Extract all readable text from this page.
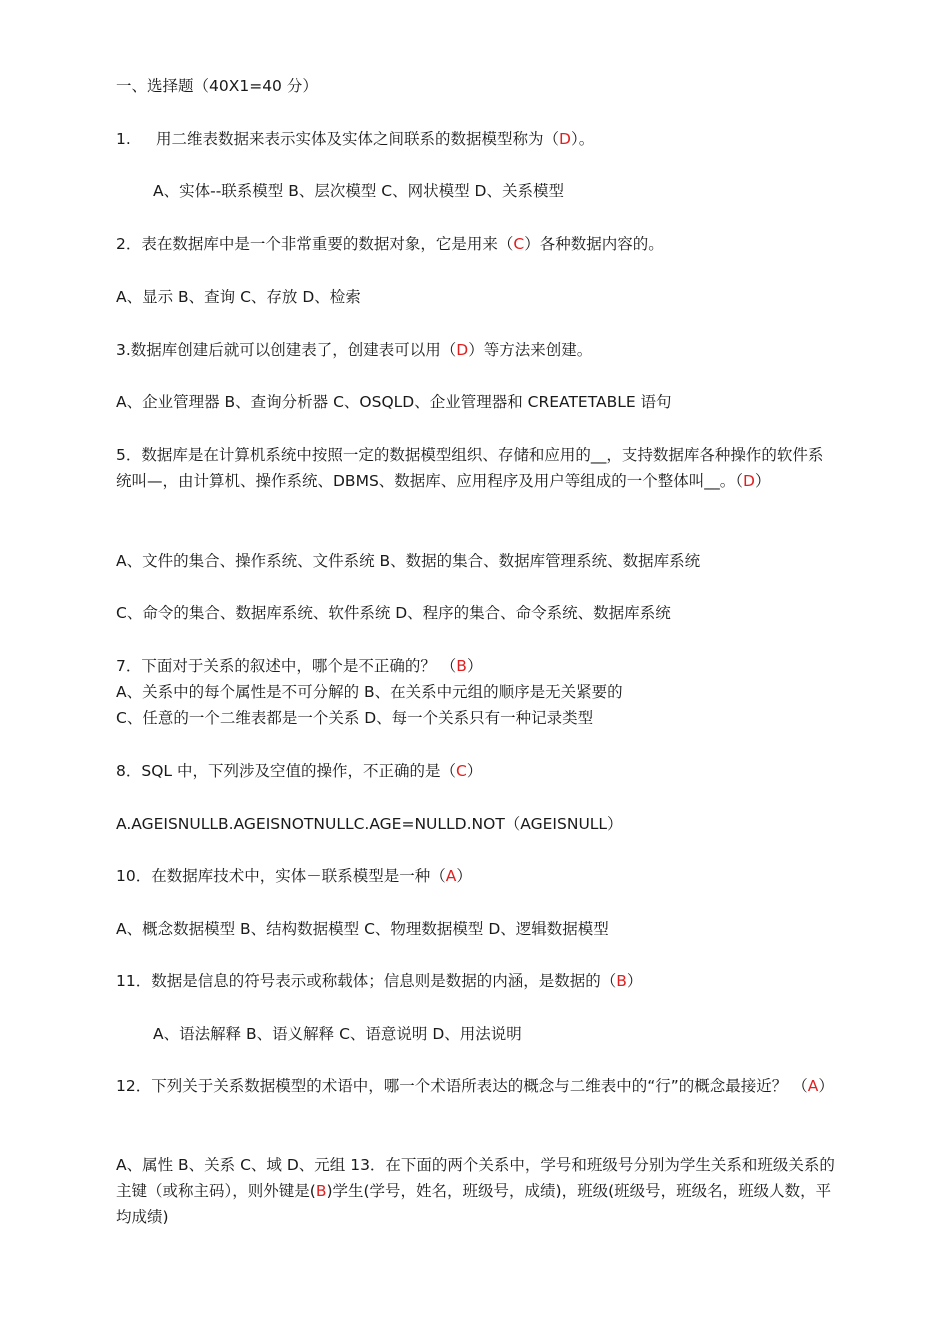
一、选择题（40X1=40 分）
1. 用二维表数据来表示实体及实体之间联系的数据模型称为（D）。
A、实体--联系模型 B、层次模型 C、网状模型 D、关系模型
2．表在数据库中是一个非常重要的数据对象，它是用来（C）各种数据内容的。
A、显示 B、查询 C、存放 D、检索
3.数据库创建后就可以创建表了，创建表可以用（D）等方法来创建。
A、企业管理器 B、查询分析器 C、OSQLD、企业管理器和 CREATETABLE 语句
5．数据库是在计算机系统中按照一定的数据模型组织、存储和应用的__，支持数据库各种操作的软件系统叫—，由计算机、操作系统、DBMS、数据库、应用程序及用户等组成的一个整体叫__。（D）
A、文件的集合、操作系统、文件系统 B、数据的集合、数据库管理系统、数据库系统
C、命令的集合、数据库系统、软件系统 D、程序的集合、命令系统、数据库系统
7．下面对于关系的叙述中，哪个是不正确的？ （B）
A、关系中的每个属性是不可分解的 B、在关系中元组的顺序是无关紧要的
C、任意的一个二维表都是一个关系 D、每一个关系只有一种记录类型
8．SQL 中，下列涉及空值的操作，不正确的是（C）
A.AGEISNULLB.AGEISNOTNULLC.AGE=NULLD.NOT（AGEISNULL）
10．在数据库技术中，实体－联系模型是一种（A）
A、概念数据模型 B、结构数据模型 C、物理数据模型 D、逻辑数据模型
11．数据是信息的符号表示或称载体；信息则是数据的内涵，是数据的（B）
A、语法解释 B、语义解释 C、语意说明 D、用法说明
12．下列关于关系数据模型的术语中，哪一个术语所表达的概念与二维表中的“行”的概念最接近？ （A）
A、属性 B、关系 C、域 D、元组 13．在下面的两个关系中，学号和班级号分别为学生关系和班级关系的主键（或称主码），则外键是(B)学生(学号，姓名，班级号，成绩)，班级(班级号，班级名，班级人数，平均成绩)
